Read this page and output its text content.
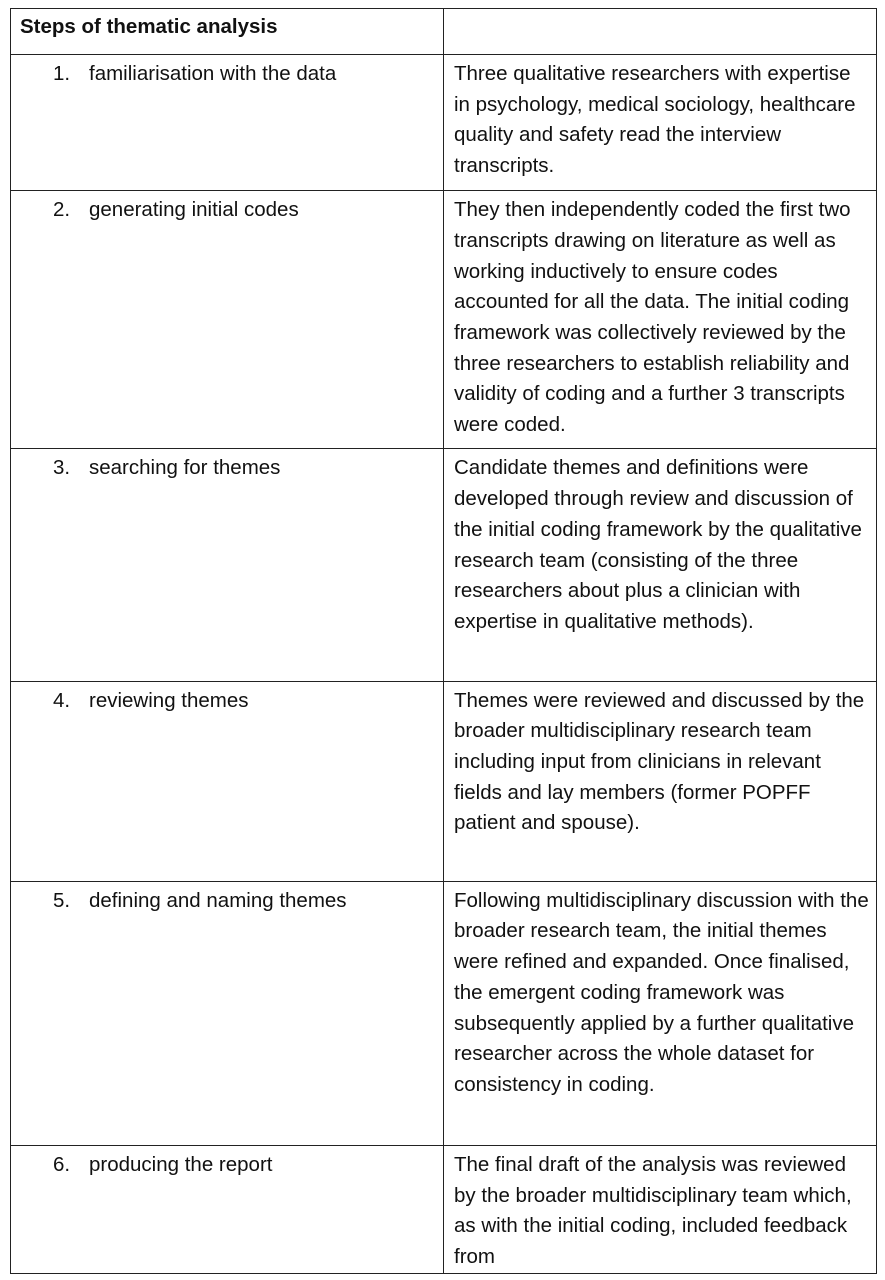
Steps of thematic analysis	
1. familiarisation with the data	Three qualitative researchers with expertise in psychology, medical sociology, healthcare quality and safety read the interview transcripts.
2. generating initial codes	They then independently coded the first two transcripts drawing on literature as well as working inductively to ensure codes accounted for all the data. The initial coding framework was collectively reviewed by the three researchers to establish reliability and validity of coding and a further 3 transcripts were coded.
3. searching for themes	Candidate themes and definitions were developed through review and discussion of the initial coding framework by the qualitative research team (consisting of the three researchers about plus a clinician with expertise in qualitative methods).
4. reviewing themes	Themes were reviewed and discussed by the broader multidisciplinary research team including input from clinicians in relevant fields and lay members (former POPFF patient and spouse).
5. defining and naming themes	Following multidisciplinary discussion with the broader research team, the initial themes were refined and expanded. Once finalised, the emergent coding framework was subsequently applied by a further qualitative researcher across the whole dataset for consistency in coding.
6. producing the report	The final draft of the analysis was reviewed by the broader multidisciplinary team which, as with the initial coding, included feedback from
